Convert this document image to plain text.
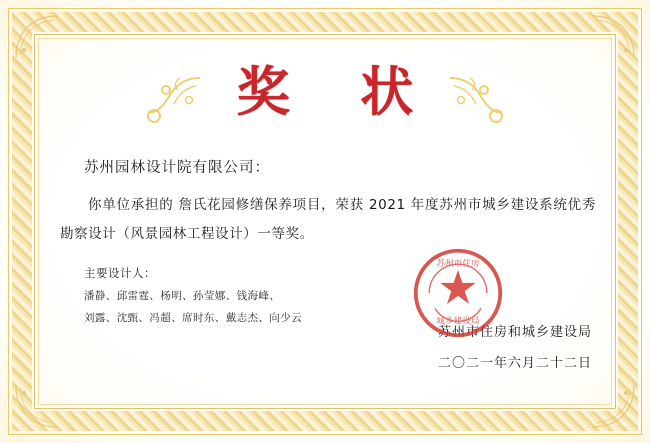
奖 状
苏州园林设计院有限公司：
你单位承担的 詹氏花园修缮保养项目，荣获 2021 年度苏州市城乡建设系统优秀勘察设计（风景园林工程设计）一等奖。
主要设计人：
潘静、邱雷霆、杨明、孙莹娜、钱海峰、
刘露、沈甄、冯超、席时东、戴志杰、向少云
苏州市住房和城乡建设局
二〇二一年六月二十二日
苏州市住房
城乡建设局
